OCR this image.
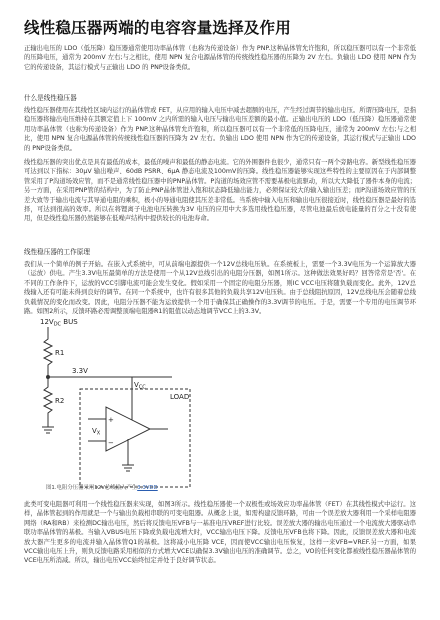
线性稳压器两端的电容容量选择及作用
正输出电压的 LDO（低压降）稳压器通常使用功率晶体管（也称为传递设备）作为 PNP.这种晶体管允许饱和，所以稳压器可以有一个非常低的压降电压，通常为 200mV 左右;与之相比，使用 NPN 复合电源晶体管的传统线性稳压器的压降为 2V 左右。负输出 LDO 使用 NPN 作为它的传递设备，其运行模式与正输出 LDO 的 PNP设备类似。
什么是线性稳压器
线性稳压器使用在其线性区域内运行的晶体管或 FET，从应用的输入电压中减去超额的电压，产生经过调节的输出电压。所谓压降电压，是指稳压器将输出电压维持在其额定值上下 100mV 之内所需的输入电压与输出电压差额的最小值。正输出电压的 LDO（低压降）稳压器通常使用功率晶体管（也称为传递设备）作为 PNP.这种晶体管允许饱和，所以稳压器可以有一个非常低的压降电压，通常为 200mV 左右;与之相比，使用 NPN 复合电源晶体管的传统线性稳压器的压降为 2V 左右。负输出 LDO 使用 NPN 作为它的传递设备，其运行模式与正输出 LDO 的 PNP设备类似。
线性稳压器的突出优点是具有最低的成本，最低的噪声和最低的静态电流。它的外围器件也很少，通常只有一两个旁路电容。新型线性稳压器可达到以下指标：30μV 输出噪声、60dB PSRR、6μA 静态电流及100mV的压降。线性稳压器能够实现这些特性的主要原因在于内部调整管采用了P沟道场效应管，而不是通常线性稳压器中的PNP晶体管。P沟道的场效应管不需要基极电流驱动，所以大大降低了器件本身的电流；另一方面，在采用PNP管的结构中，为了防止PNP晶体管进入饱和状态降低输出能力，必须保证较大的输入输出压差；而P沟道场效应管的压差大致等于输出电流与其导通电阻的乘积，极小的导通电阻使其压差非常低。当系统中输入电压和输出电压很接近时，线性稳压器是最好的选择，可达到很高的效率。所以在将锂离子电池电压转换为3V 电压的应用中大多选用线性稳压器，尽管电池最后放电能量的百分之十没有使用，但是线性稳压器仍然能够在低噪声结构中提供较长的电池寿命。
线性稳压器的工作原理
我们从一个简单的例子开始。在嵌入式系统中，可从前端电源提供一个12V总线电压轨。在系统板上，需要一个3.3V电压为一个运算放大器（运放）供电。产生3.3V电压最简单的方法是使用一个从12V总线引出的电阻分压器，如图1所示。这种做法效果好吗？回答常常是'否'。在不同的工作条件下，运放的VCC引脚电流可能会发生变化。假如采用一个固定的电阻分压器，则IC VCC电压将随负载而变化。此外，12V总线输入还有可能未得到良好的调节。在同一个系统中，也许有很多其他的负载共享12V电压轨。由于总线阻抗原因，12V总线电压会随着总线负载情况的变化而改变。因此，电阻分压器不能为运放提供一个用于确保其正确操作的3.3V调节的电压。于是，需要一个专用的电压调节环路。如图2所示，反馈环路必需调整顶端电阻器R1的阻值以动态地调节VCC上的3.3V。
$12V_{DC}$ BUS
R1
R2
3.3V
$V_{CC}$
LOAD
$V_X$
+
−
图1.电阻分压器采用12V总线输入产生3.3VDD
此类可变电阻器可利用一个线性稳压器来实现，如图3所示。线性稳压器使一个双极性或场效应功率晶体管（FET）在其线性模式中运行。这样，晶体管起到的作用就是一个与输出负载相串联的可变电阻器。从概念上说，如需构建反馈环路，可由一个误差放大器利用一个采样电阻器网络（RA和RB）来检测DC输出电压，然后将反馈电压VFB与一基准电压VREF进行比较。误差放大器的输出电压通过一个电流放大器驱动串联功率晶体管的基极。当输入VBUS电压下降或负载电流增大时，VCC输出电压下降。反馈电压VFB也将下降。因此，反馈误差放大器和电流放大器产生更多的电流并输入晶体管Q1的基极。这将减小电压降 VCE，因而使VCC输出电压恢复，这样一来VFB=VREF.另一方面，如果VCC输出电压上升，则负反馈电路采用相似的方式增大VCE以确保3.3V输出电压的准确调节。总之，VO的任何变化都被线性稳压器晶体管的VCE电压所消减。所以，输出电压VCC始终恒定并处于良好调节状态。
